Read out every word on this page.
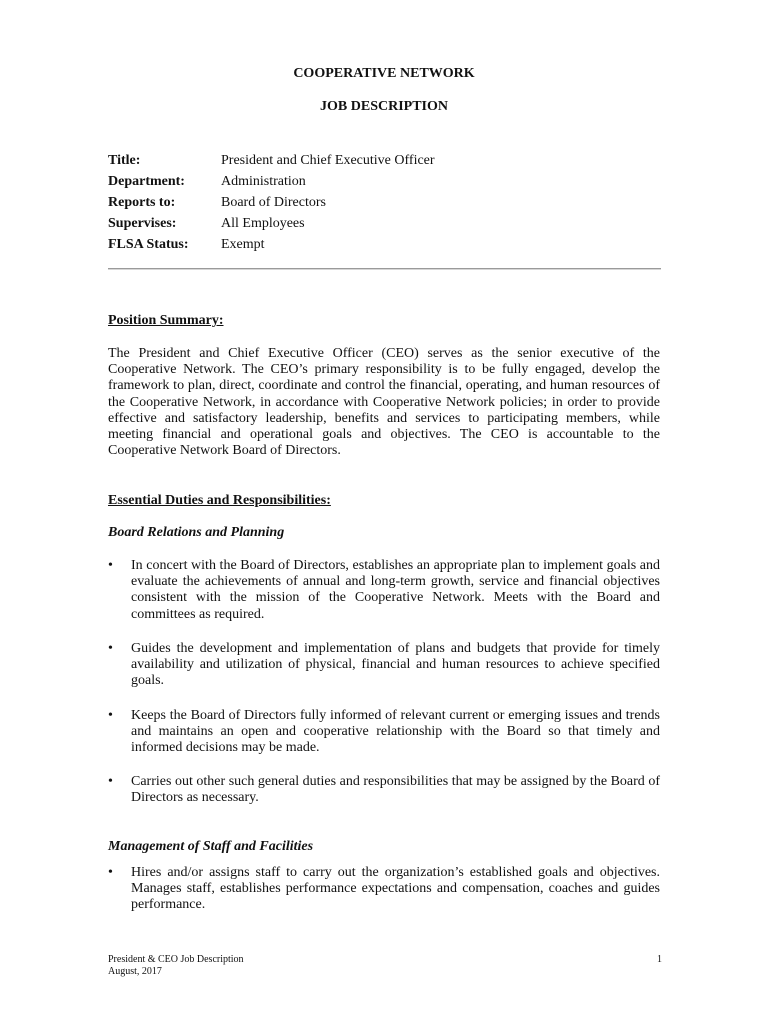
COOPERATIVE NETWORK
JOB DESCRIPTION
Title:	President and Chief Executive Officer
Department:	Administration
Reports to:	Board of Directors
Supervises:	All Employees
FLSA Status:	Exempt
Position Summary:
The President and Chief Executive Officer (CEO) serves as the senior executive of the Cooperative Network. The CEO’s primary responsibility is to be fully engaged, develop the framework to plan, direct, coordinate and control the financial, operating, and human resources of the Cooperative Network, in accordance with Cooperative Network policies; in order to provide effective and satisfactory leadership, benefits and services to participating members, while meeting financial and operational goals and objectives. The CEO is accountable to the Cooperative Network Board of Directors.
Essential Duties and Responsibilities:
Board Relations and Planning
•	In concert with the Board of Directors, establishes an appropriate plan to implement goals and evaluate the achievements of annual and long-term growth, service and financial objectives consistent with the mission of the Cooperative Network. Meets with the Board and committees as required.
•	Guides the development and implementation of plans and budgets that provide for timely availability and utilization of physical, financial and human resources to achieve specified goals.
•	Keeps the Board of Directors fully informed of relevant current or emerging issues and trends and maintains an open and cooperative relationship with the Board so that timely and informed decisions may be made.
•	Carries out other such general duties and responsibilities that may be assigned by the Board of Directors as necessary.
Management of Staff and Facilities
•	Hires and/or assigns staff to carry out the organization’s established goals and objectives. Manages staff, establishes performance expectations and compensation, coaches and guides performance.
President & CEO Job Description
August, 2017
1
